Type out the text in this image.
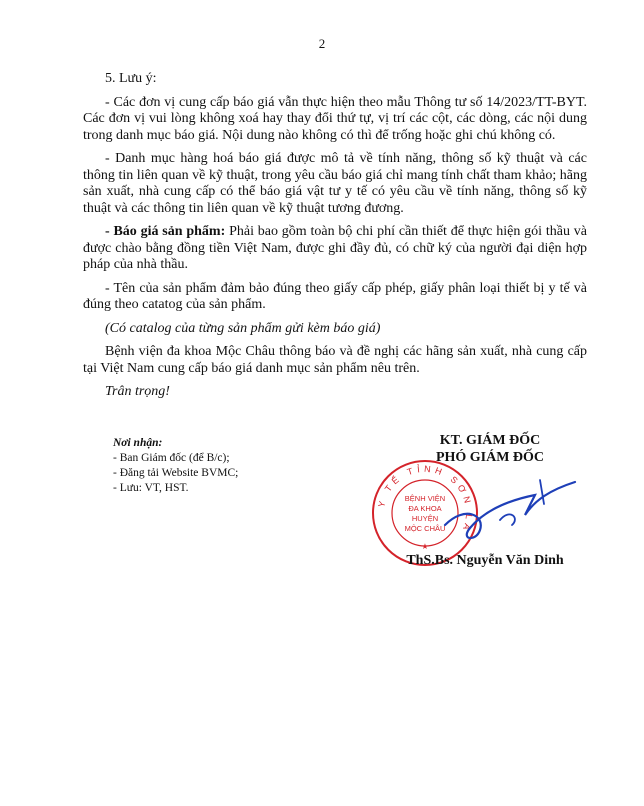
2

5. Lưu ý:

- Các đơn vị cung cấp báo giá vẫn thực hiện theo mẫu Thông tư số 14/2023/TT-BYT. Các đơn vị vui lòng không xoá hay thay đổi thứ tự, vị trí các cột, các dòng, các nội dung trong danh mục báo giá. Nội dung nào không có thì để trống hoặc ghi chú không có.

- Danh mục hàng hoá báo giá được mô tả về tính năng, thông số kỹ thuật và các thông tin liên quan về kỹ thuật, trong yêu cầu báo giá chỉ mang tính chất tham khảo; hãng sản xuất, nhà cung cấp có thể báo giá vật tư y tế có yêu cầu về tính năng, thông số kỹ thuật và các thông tin liên quan về kỹ thuật tương đương.

- Báo giá sản phẩm: Phải bao gồm toàn bộ chi phí cần thiết để thực hiện gói thầu và được chào bằng đồng tiền Việt Nam, được ghi đầy đủ, có chữ ký của người đại diện hợp pháp của nhà thầu.

- Tên của sản phẩm đảm bảo đúng theo giấy cấp phép, giấy phân loại thiết bị y tế và đúng theo catatog của sản phẩm.

(Có catalog của từng sản phẩm gửi kèm báo giá)

Bệnh viện đa khoa Mộc Châu thông báo và đề nghị các hãng sản xuất, nhà cung cấp tại Việt Nam cung cấp báo giá danh mục sản phẩm nêu trên.

Trân trọng!

Nơi nhận:
- Ban Giám đốc (để B/c);
- Đăng tải Website BVMC;
- Lưu: VT, HST.
KT. GIÁM ĐỐC
PHÓ GIÁM ĐỐC
Y TẾ TỈNH SƠN LA
BỆNH VIỆN
ĐA KHOA
HUYỆN
MỘC CHÂU
★
ThS.Bs. Nguyễn Văn Dinh
